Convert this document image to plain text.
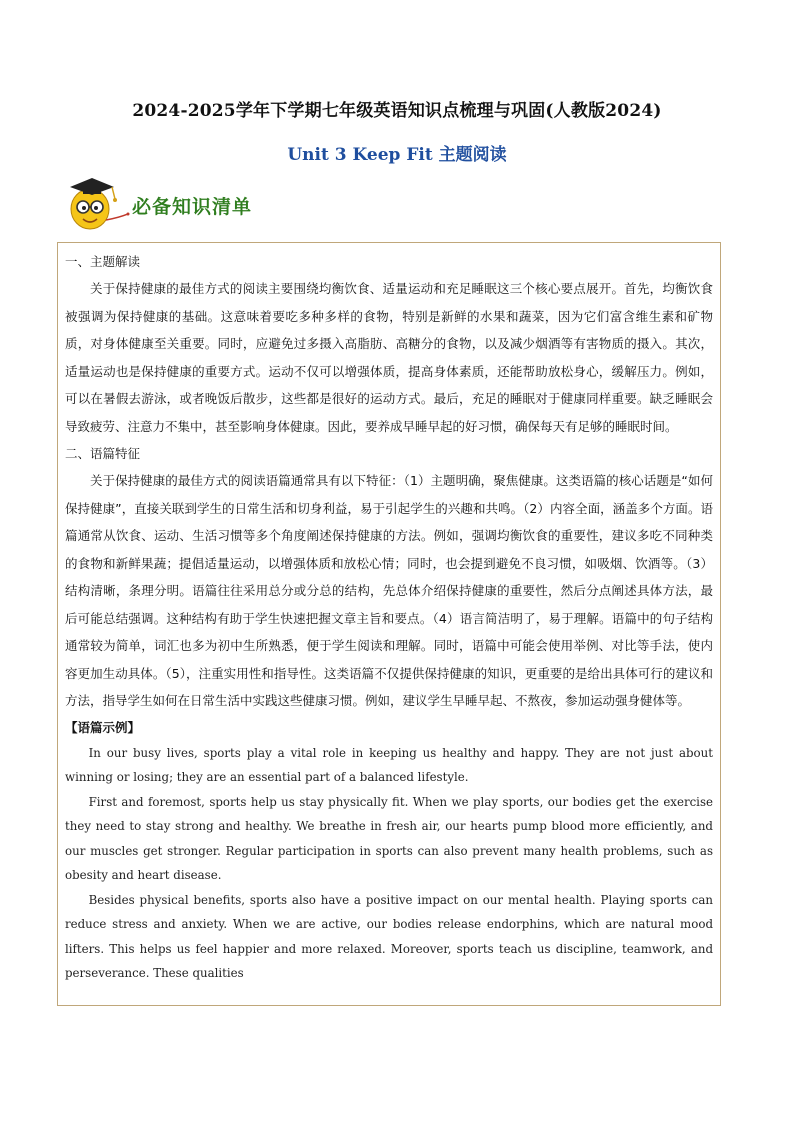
2024-2025学年下学期七年级英语知识点梳理与巩固(人教版2024)
Unit 3 Keep Fit 主题阅读
必备知识清单

一、主题解读

关于保持健康的最佳方式的阅读主要围绕均衡饮食、适量运动和充足睡眠这三个核心要点展开。首先，均衡饮食被强调为保持健康的基础。这意味着要吃多种多样的食物，特别是新鲜的水果和蔬菜，因为它们富含维生素和矿物质，对身体健康至关重要。同时，应避免过多摄入高脂肪、高糖分的食物，以及减少烟酒等有害物质的摄入。其次，适量运动也是保持健康的重要方式。运动不仅可以增强体质，提高身体素质，还能帮助放松身心，缓解压力。例如，可以在暑假去游泳，或者晚饭后散步，这些都是很好的运动方式。最后，充足的睡眠对于健康同样重要。缺乏睡眠会导致疲劳、注意力不集中，甚至影响身体健康。因此，要养成早睡早起的好习惯，确保每天有足够的睡眠时间。

二、语篇特征

关于保持健康的最佳方式的阅读语篇通常具有以下特征：（1）主题明确，聚焦健康。这类语篇的核心话题是“如何保持健康”，直接关联到学生的日常生活和切身利益，易于引起学生的兴趣和共鸣。（2）内容全面，涵盖多个方面。语篇通常从饮食、运动、生活习惯等多个角度阐述保持健康的方法。例如，强调均衡饮食的重要性，建议多吃不同种类的食物和新鲜果蔬；提倡适量运动，以增强体质和放松心情；同时，也会提到避免不良习惯，如吸烟、饮酒等。（3）结构清晰，条理分明。语篇往往采用总分或分总的结构，先总体介绍保持健康的重要性，然后分点阐述具体方法，最后可能总结强调。这种结构有助于学生快速把握文章主旨和要点。（4）语言简洁明了，易于理解。语篇中的句子结构通常较为简单，词汇也多为初中生所熟悉，便于学生阅读和理解。同时，语篇中可能会使用举例、对比等手法，使内容更加生动具体。（5），注重实用性和指导性。这类语篇不仅提供保持健康的知识，更重要的是给出具体可行的建议和方法，指导学生如何在日常生活中实践这些健康习惯。例如，建议学生早睡早起、不熬夜，参加运动强身健体等。

【语篇示例】

In our busy lives, sports play a vital role in keeping us healthy and happy. They are not just about winning or losing; they are an essential part of a balanced lifestyle.

First and foremost, sports help us stay physically fit. When we play sports, our bodies get the exercise they need to stay strong and healthy. We breathe in fresh air, our hearts pump blood more efficiently, and our muscles get stronger. Regular participation in sports can also prevent many health problems, such as obesity and heart disease.

Besides physical benefits, sports also have a positive impact on our mental health. Playing sports can reduce stress and anxiety. When we are active, our bodies release endorphins, which are natural mood lifters. This helps us feel happier and more relaxed. Moreover, sports teach us discipline, teamwork, and perseverance. These qualities
